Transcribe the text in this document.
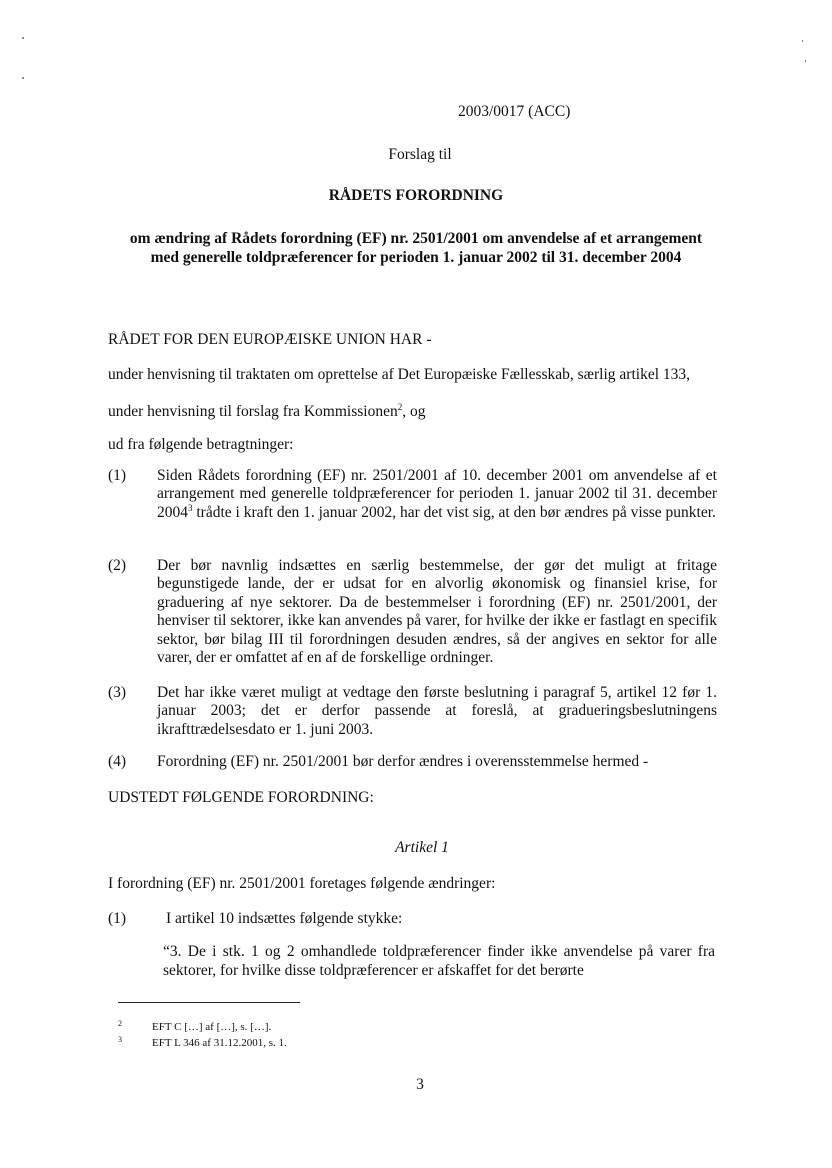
2003/0017 (ACC)
Forslag til
RÅDETS FORORDNING
om ændring af Rådets forordning (EF) nr. 2501/2001 om anvendelse af et arrangement
med generelle toldpræferencer for perioden 1. januar 2002 til 31. december 2004
RÅDET FOR DEN EUROPÆISKE UNION HAR -
under henvisning til traktaten om oprettelse af Det Europæiske Fællesskab, særlig artikel 133,
under henvisning til forslag fra Kommissionen$^2$, og
ud fra følgende betragtninger:
(1) Siden Rådets forordning (EF) nr. 2501/2001 af 10. december 2001 om anvendelse af et arrangement med generelle toldpræferencer for perioden 1. januar 2002 til 31. december 2004$^3$ trådte i kraft den 1. januar 2002, har det vist sig, at den bør ændres på visse punkter.
(2) Der bør navnlig indsættes en særlig bestemmelse, der gør det muligt at fritage begunstigede lande, der er udsat for en alvorlig økonomisk og finansiel krise, for graduering af nye sektorer. Da de bestemmelser i forordning (EF) nr. 2501/2001, der henviser til sektorer, ikke kan anvendes på varer, for hvilke der ikke er fastlagt en specifik sektor, bør bilag III til forordningen desuden ændres, så der angives en sektor for alle varer, der er omfattet af en af de forskellige ordninger.
(3) Det har ikke været muligt at vedtage den første beslutning i paragraf 5, artikel 12 før 1. januar 2003; det er derfor passende at foreslå, at gradueringsbeslutningens ikrafttrædelsesdato er 1. juni 2003.
(4) Forordning (EF) nr. 2501/2001 bør derfor ændres i overensstemmelse hermed -
UDSTEDT FØLGENDE FORORDNING:
Artikel 1
I forordning (EF) nr. 2501/2001 foretages følgende ændringer:
(1)	I artikel 10 indsættes følgende stykke:
“3. De i stk. 1 og 2 omhandlede toldpræferencer finder ikke anvendelse på varer fra sektorer, for hvilke disse toldpræferencer er afskaffet for det berørte
2	EFT C […] af […], s. […].
3	EFT L 346 af 31.12.2001, s. 1.
3
